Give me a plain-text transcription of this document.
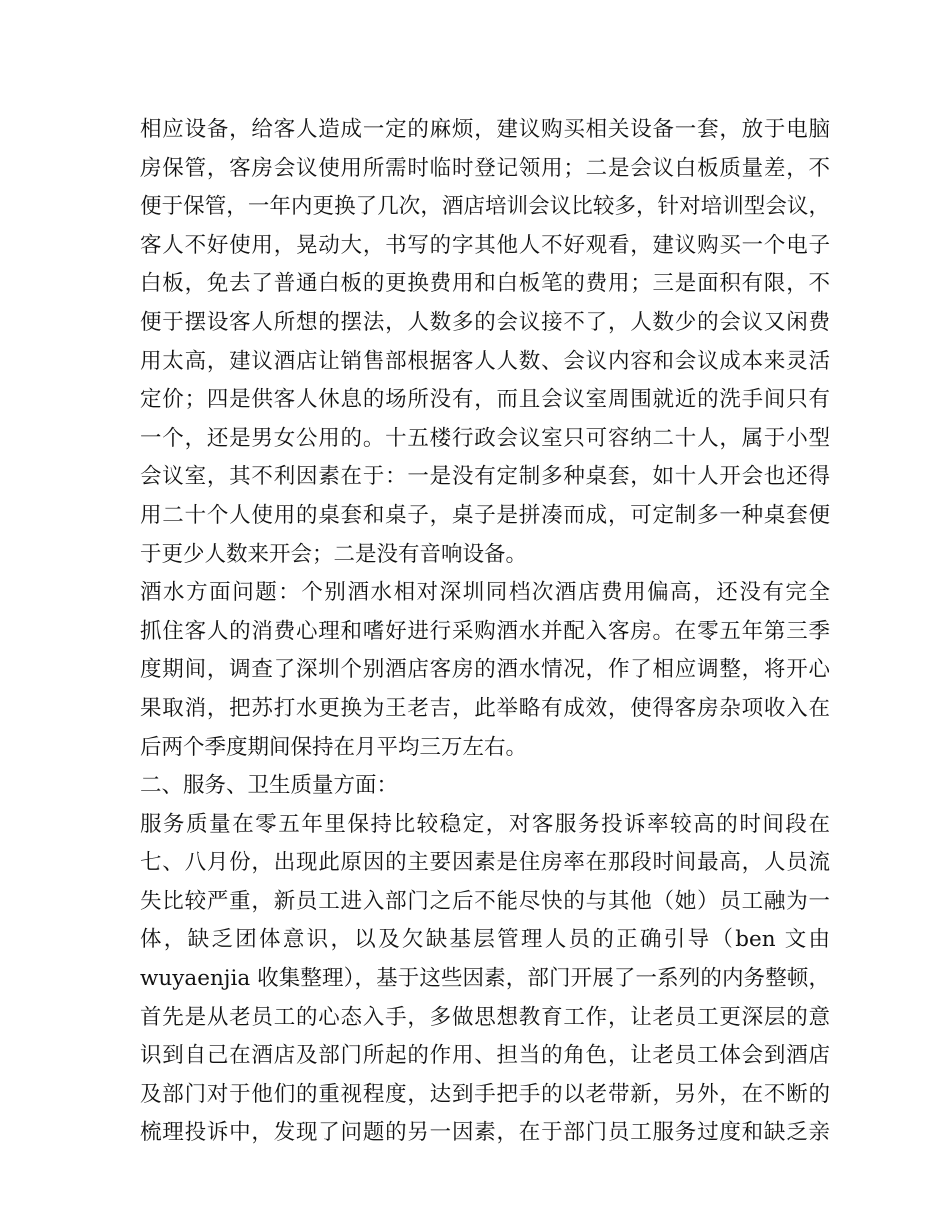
相应设备，给客人造成一定的麻烦，建议购买相关设备一套，放于电脑
房保管，客房会议使用所需时临时登记领用；二是会议白板质量差，不
便于保管，一年内更换了几次，酒店培训会议比较多，针对培训型会议，
客人不好使用，晃动大，书写的字其他人不好观看，建议购买一个电子
白板，免去了普通白板的更换费用和白板笔的费用；三是面积有限，不
便于摆设客人所想的摆法，人数多的会议接不了，人数少的会议又闲费
用太高，建议酒店让销售部根据客人人数、会议内容和会议成本来灵活
定价；四是供客人休息的场所没有，而且会议室周围就近的洗手间只有
一个，还是男女公用的。十五楼行政会议室只可容纳二十人，属于小型
会议室，其不利因素在于：一是没有定制多种桌套，如十人开会也还得
用二十个人使用的桌套和桌子，桌子是拼凑而成，可定制多一种桌套便
于更少人数来开会；二是没有音响设备。
酒水方面问题：个别酒水相对深圳同档次酒店费用偏高，还没有完全
抓住客人的消费心理和嗜好进行采购酒水并配入客房。在零五年第三季
度期间，调查了深圳个别酒店客房的酒水情况，作了相应调整，将开心
果取消，把苏打水更换为王老吉，此举略有成效，使得客房杂项收入在
后两个季度期间保持在月平均三万左右。
二、服务、卫生质量方面：
服务质量在零五年里保持比较稳定，对客服务投诉率较高的时间段在
七、八月份，出现此原因的主要因素是住房率在那段时间最高，人员流
失比较严重，新员工进入部门之后不能尽快的与其他（她）员工融为一
体，缺乏团体意识，以及欠缺基层管理人员的正确引导（ben 文由
wuyaenjia 收集整理），基于这些因素，部门开展了一系列的内务整顿，
首先是从老员工的心态入手，多做思想教育工作，让老员工更深层的意
识到自己在酒店及部门所起的作用、担当的角色，让老员工体会到酒店
及部门对于他们的重视程度，达到手把手的以老带新，另外，在不断的
梳理投诉中，发现了问题的另一因素，在于部门员工服务过度和缺乏亲
